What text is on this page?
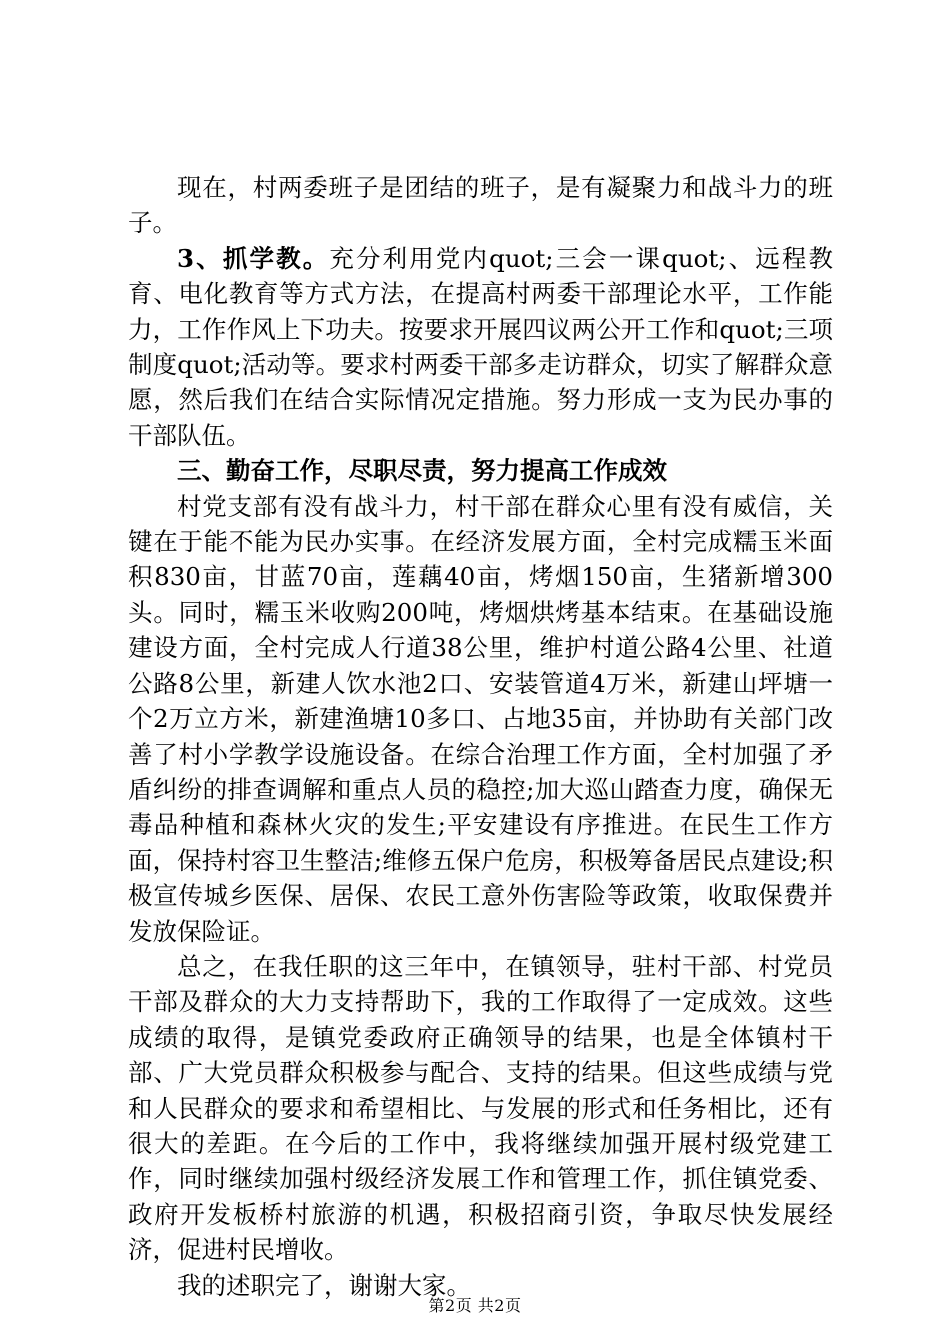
现在，村两委班子是团结的班子，是有凝聚力和战斗力的班子。

3、抓学教。充分利用党内quot;三会一课quot;、远程教育、电化教育等方式方法，在提高村两委干部理论水平，工作能力，工作作风上下功夫。按要求开展四议两公开工作和quot;三项制度quot;活动等。要求村两委干部多走访群众，切实了解群众意愿，然后我们在结合实际情况定措施。努力形成一支为民办事的干部队伍。

三、勤奋工作，尽职尽责，努力提高工作成效

村党支部有没有战斗力，村干部在群众心里有没有威信，关键在于能不能为民办实事。在经济发展方面，全村完成糯玉米面积830亩，甘蓝70亩，莲藕40亩，烤烟150亩，生猪新增300头。同时，糯玉米收购200吨，烤烟烘烤基本结束。在基础设施建设方面，全村完成人行道38公里，维护村道公路4公里、社道公路8公里，新建人饮水池2口、安装管道4万米，新建山坪塘一个2万立方米，新建渔塘10多口、占地35亩，并协助有关部门改善了村小学教学设施设备。在综合治理工作方面，全村加强了矛盾纠纷的排查调解和重点人员的稳控;加大巡山踏查力度，确保无毒品种植和森林火灾的发生;平安建设有序推进。在民生工作方面，保持村容卫生整洁;维修五保户危房，积极筹备居民点建设;积极宣传城乡医保、居保、农民工意外伤害险等政策，收取保费并发放保险证。

总之，在我任职的这三年中，在镇领导，驻村干部、村党员干部及群众的大力支持帮助下，我的工作取得了一定成效。这些成绩的取得，是镇党委政府正确领导的结果，也是全体镇村干部、广大党员群众积极参与配合、支持的结果。但这些成绩与党和人民群众的要求和希望相比、与发展的形式和任务相比，还有很大的差距。在今后的工作中，我将继续加强开展村级党建工作，同时继续加强村级经济发展工作和管理工作，抓住镇党委、政府开发板桥村旅游的机遇，积极招商引资，争取尽快发展经济，促进村民增收。

我的述职完了，谢谢大家。

第2页 共2页
